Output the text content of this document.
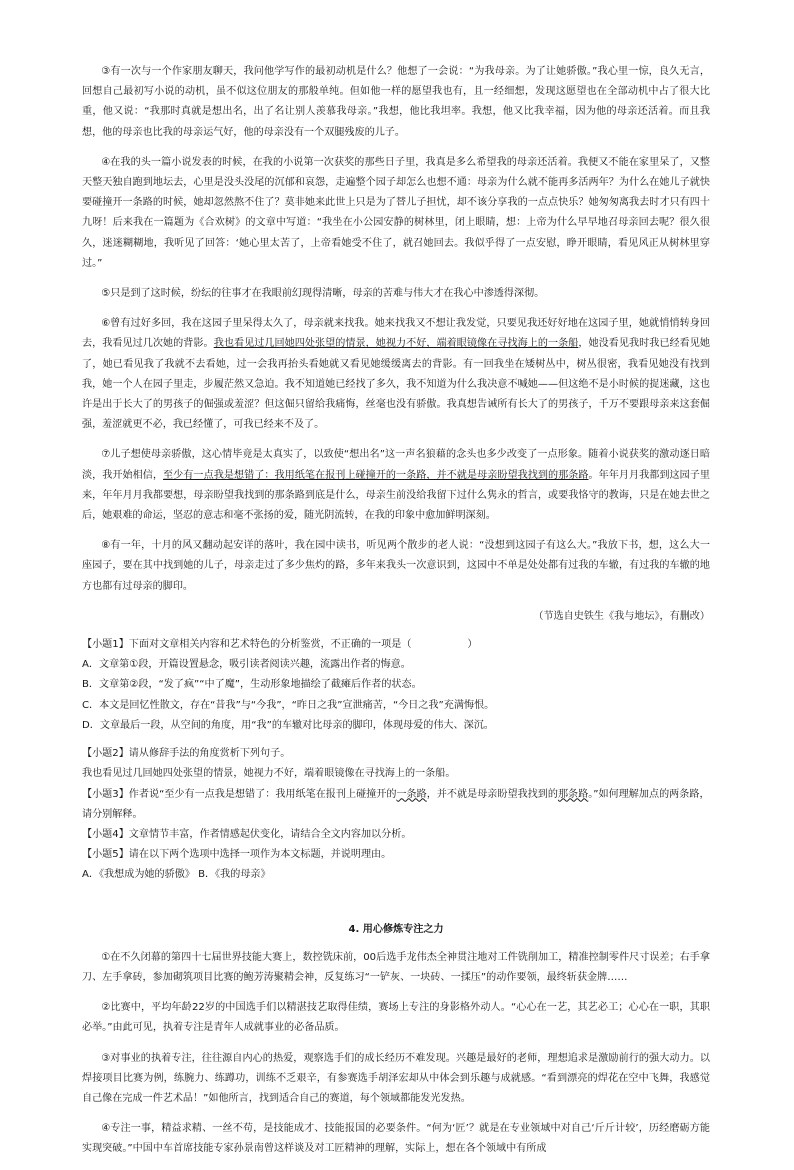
③有一次与一个作家朋友聊天，我问他学写作的最初动机是什么？他想了一会说：“为我母亲。为了让她骄傲。”我心里一惊，良久无言，回想自己最初写小说的动机，虽不似这位朋友的那般单纯。但如他一样的愿望我也有，且一经细想，发现这愿望也在全部动机中占了很大比重，他又说：“我那时真就是想出名，出了名让别人羡慕我母亲。”我想，他比我坦率。我想，他又比我幸福，因为他的母亲还活着。而且我想，他的母亲也比我的母亲运气好，他的母亲没有一个双腿残废的儿子。

④在我的头一篇小说发表的时候，在我的小说第一次获奖的那些日子里，我真是多么希望我的母亲还活着。我便又不能在家里呆了，又整天整天独自跑到地坛去，心里是没头没尾的沉郁和哀怨，走遍整个园子却怎么也想不通：母亲为什么就不能再多活两年？为什么在她儿子就快要碰撞开一条路的时候，她却忽然熬不住了？莫非她来此世上只是为了替儿子担忧，却不该分享我的一点点快乐？她匆匆离我去时才只有四十九呀！后来我在一篇题为《合欢树》的文章中写道：“我坐在小公园安静的树林里，闭上眼睛，想：上帝为什么早早地召母亲回去呢？很久很久，迷迷糊糊地，我听见了回答：‘她心里太苦了，上帝看她受不住了，就召她回去。我似乎得了一点安慰，睁开眼睛，看见风正从树林里穿过。”

⑤只是到了这时候，纷纭的往事才在我眼前幻现得清晰，母亲的苦难与伟大才在我心中渗透得深彻。

⑥曾有过好多回，我在这园子里呆得太久了，母亲就来找我。她来找我又不想让我发觉，只要见我还好好地在这园子里，她就悄悄转身回去，我看见过几次她的背影。我也看见过几回她四处张望的情景，她视力不好，端着眼镜像在寻找海上的一条船，她没看见我时我已经看见她了，她已看见我了我就不去看她，过一会我再抬头看她就又看见她缓缓离去的背影。有一回我坐在矮树丛中，树丛很密，我看见她没有找到我，她一个人在园子里走，步履茫然又急迫。我不知道她已经找了多久，我不知道为什么我决意不喊她——但这绝不是小时候的捉迷藏，这也许是出于长大了的男孩子的倔强或羞涩？但这倔只留给我痛悔，丝毫也没有骄傲。我真想告诫所有长大了的男孩子，千万不要跟母亲来这套倔强，羞涩就更不必，我已经懂了，可我已经来不及了。

⑦儿子想使母亲骄傲，这心情毕竟是太真实了，以致使“想出名”这一声名狼藉的念头也多少改变了一点形象。随着小说获奖的激动逐日暗淡，我开始相信，至少有一点我是想错了：我用纸笔在报刊上碰撞开的一条路，并不就是母亲盼望我找到的那条路。年年月月我都到这园子里来，年年月月我都要想，母亲盼望我找到的那条路到底是什么，母亲生前没给我留下过什么隽永的哲言，或要我恪守的教诲，只是在她去世之后，她艰难的命运，坚忍的意志和毫不张扬的爱，随光阴流转，在我的印象中愈加鲜明深刻。

⑧有一年，十月的风又翻动起安详的落叶，我在园中读书，听见两个散步的老人说：“没想到这园子有这么大。”我放下书，想，这么大一座园子，要在其中找到她的儿子，母亲走过了多少焦灼的路，多年来我头一次意识到，这园中不单是处处都有过我的车辙，有过我的车辙的地方也都有过母亲的脚印。

（节选自史铁生《我与地坛》，有删改）

【小题1】下面对文章相关内容和艺术特色的分析鉴赏，不正确的一项是（	）

A．文章第①段，开篇设置悬念，吸引读者阅读兴趣，流露出作者的悔意。

B．文章第②段，“发了疯”“中了魔”，生动形象地描绘了截瘫后作者的状态。

C．本文是回忆性散文，存在“昔我”与“今我”，“昨日之我”宣泄痛苦，“今日之我”充满悔恨。

D．文章最后一段，从空间的角度，用“我”的车辙对比母亲的脚印，体现母爱的伟大、深沉。

【小题2】请从修辞手法的角度赏析下列句子。

我也看见过几回她四处张望的情景，她视力不好，端着眼镜像在寻找海上的一条船。

【小题3】作者说“至少有一点我是想错了：我用纸笔在报刊上碰撞开的一条路，并不就是母亲盼望我找到的那条路。”如何理解加点的两条路，请分别解释。

【小题4】文章情节丰富，作者情感起伏变化，请结合全文内容加以分析。

【小题5】请在以下两个选项中选择一项作为本文标题，并说明理由。

A．《我想成为她的骄傲》 B．《我的母亲》

4. 用心修炼专注之力

①在不久闭幕的第四十七届世界技能大赛上，数控铣床前，00后选手龙伟杰全神贯注地对工件铣削加工，精准控制零件尺寸误差；右手拿刀、左手拿砖，参加砌筑项目比赛的鲍芳涛聚精会神，反复练习“一铲灰、一块砖、一揉压”的动作要领，最终斩获金牌……

②比赛中，平均年龄22岁的中国选手们以精湛技艺取得佳绩，赛场上专注的身影格外动人。“心心在一艺，其艺必工；心心在一职，其职必举。”由此可见，执着专注是青年人成就事业的必备品质。

③对事业的执着专注，往往源自内心的热爱，观察选手们的成长经历不难发现。兴趣是最好的老师，理想追求是激励前行的强大动力。以焊接项目比赛为例，练腕力、练蹲功，训练不乏艰辛，有参赛选手胡泽宏却从中体会到乐趣与成就感。“看到漂亮的焊花在空中飞舞，我感觉自己像在完成一件艺术品！”如他所言，找到适合自己的赛道，每个领域都能发光发热。

④专注一事，精益求精、一丝不苟，是技能成才、技能报国的必要条件。“何为‘匠’？就是在专业领域中对自己‘斤斤计较’，历经磨砺方能实现突破。”中国中车首席技能专家孙景南曾这样谈及对工匠精神的理解，实际上，想在各个领域中有所成
